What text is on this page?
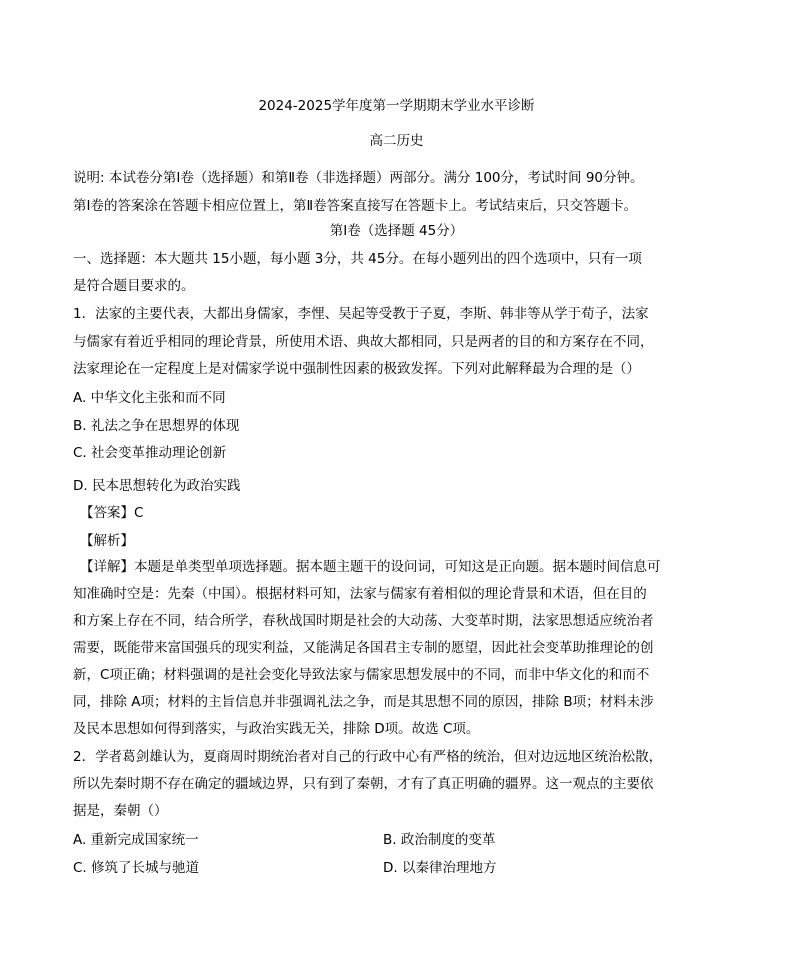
2024-2025学年度第一学期期末学业水平诊断
高二历史
说明: 本试卷分第Ⅰ卷（选择题）和第Ⅱ卷（非选择题）两部分。满分 100分，考试时间 90分钟。
第Ⅰ卷的答案涂在答题卡相应位置上，第Ⅱ卷答案直接写在答题卡上。考试结束后，只交答题卡。
第Ⅰ卷（选择题 45分）
一、选择题：本大题共 15小题，每小题 3分，共 45分。在每小题列出的四个选项中，只有一项
是符合题目要求的。
1．法家的主要代表，大都出身儒家，李悝、吴起等受教于子夏，李斯、韩非等从学于荀子，法家
与儒家有着近乎相同的理论背景，所使用术语、典故大都相同，只是两者的目的和方案存在不同，
法家理论在一定程度上是对儒家学说中强制性因素的极致发挥。下列对此解释最为合理的是（）
A. 中华文化主张和而不同
B. 礼法之争在思想界的体现
C. 社会变革推动理论创新
D. 民本思想转化为政治实践
【答案】C
【解析】
【详解】本题是单类型单项选择题。据本题主题干的设问词，可知这是正向题。据本题时间信息可
知准确时空是：先秦（中国）。根据材料可知，法家与儒家有着相似的理论背景和术语，但在目的
和方案上存在不同，结合所学，春秋战国时期是社会的大动荡、大变革时期，法家思想适应统治者
需要，既能带来富国强兵的现实利益，又能满足各国君主专制的愿望，因此社会变革助推理论的创
新，C项正确；材料强调的是社会变化导致法家与儒家思想发展中的不同，而非中华文化的和而不
同，排除 A项；材料的主旨信息并非强调礼法之争，而是其思想不同的原因，排除 B项；材料未涉
及民本思想如何得到落实，与政治实践无关，排除 D项。故选 C项。
2．学者葛剑雄认为，夏商周时期统治者对自己的行政中心有严格的统治，但对边远地区统治松散，
所以先秦时期不存在确定的疆域边界，只有到了秦朝，才有了真正明确的疆界。这一观点的主要依
据是，秦朝（）
A. 重新完成国家统一	B. 政治制度的变革
C. 修筑了长城与驰道	D. 以秦律治理地方
